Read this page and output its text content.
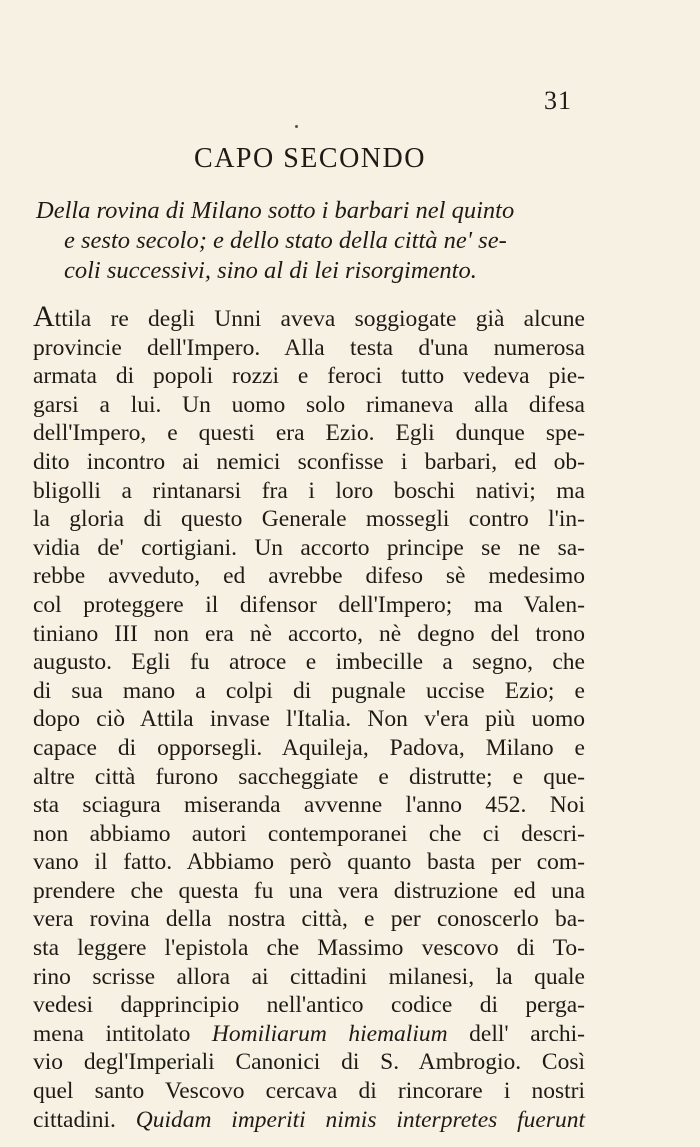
31
CAPO SECONDO

Della rovina di Milano sotto i barbari nel quinto
e sesto secolo; e dello stato della città ne' se-
coli successivi, sino al di lei risorgimento.

Attila re degli Unni aveva soggiogate già alcune
provincie dell'Impero. Alla testa d'una numerosa
armata di popoli rozzi e feroci tutto vedeva pie-
garsi a lui. Un uomo solo rimaneva alla difesa
dell'Impero, e questi era Ezio. Egli dunque spe-
dito incontro ai nemici sconfisse i barbari, ed ob-
bligolli a rintanarsi fra i loro boschi nativi; ma
la gloria di questo Generale mossegli contro l'in-
vidia de' cortigiani. Un accorto principe se ne sa-
rebbe avveduto, ed avrebbe difeso sè medesimo
col proteggere il difensor dell'Impero; ma Valen-
tiniano III non era nè accorto, nè degno del trono
augusto. Egli fu atroce e imbecille a segno, che
di sua mano a colpi di pugnale uccise Ezio; e
dopo ciò Attila invase l'Italia. Non v'era più uomo
capace di opporsegli. Aquileja, Padova, Milano e
altre città furono saccheggiate e distrutte; e que-
sta sciagura miseranda avvenne l'anno 452. Noi
non abbiamo autori contemporanei che ci descri-
vano il fatto. Abbiamo però quanto basta per com-
prendere che questa fu una vera distruzione ed una
vera rovina della nostra città, e per conoscerlo ba-
sta leggere l'epistola che Massimo vescovo di To-
rino scrisse allora ai cittadini milanesi, la quale
vedesi dapprincipio nell'antico codice di perga-
mena intitolato Homiliarum hiemalium dell' archi-
vio degl'Imperiali Canonici di S. Ambrogio. Così
quel santo Vescovo cercava di rincorare i nostri
cittadini. Quidam imperiti nimis interpretes fuerunt
